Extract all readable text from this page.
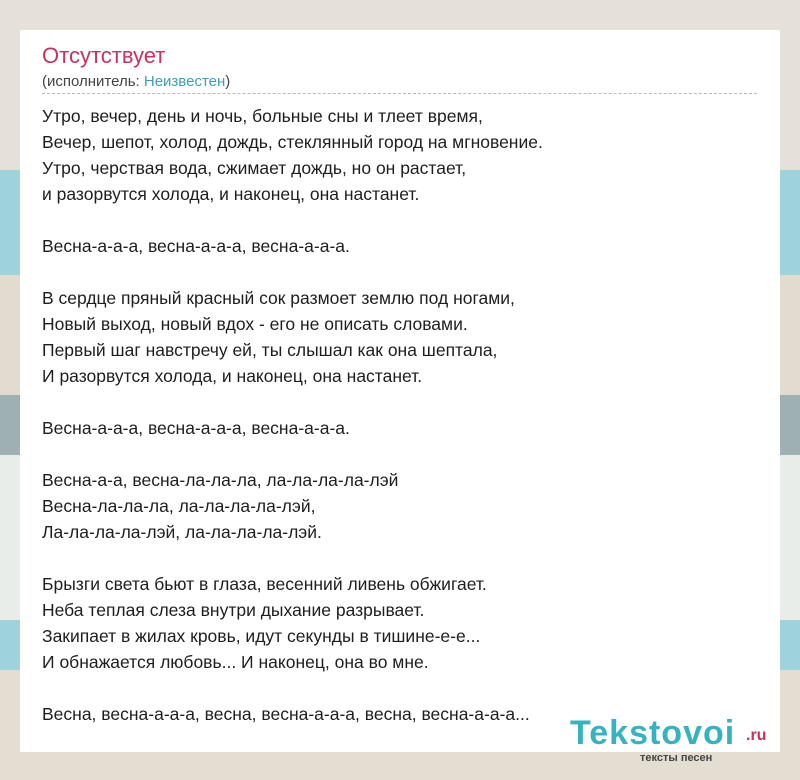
Отсутствует
(исполнитель: Неизвестен)
Утро, вечер, день и ночь, больные сны и тлеет время,
Вечер, шепот, холод, дождь, стеклянный город на мгновение.
Утро, черствая вода, сжимает дождь, но он растает,
и разорвутся холода, и наконец, она настанет.
Весна-а-а-а, весна-а-а-а, весна-а-а-а.
В сердце пряный красный сок размоет землю под ногами,
Новый выход, новый вдох - его не описать словами.
Первый шаг навстречу ей, ты слышал как она шептала,
И разорвутся холода, и наконец, она настанет.
Весна-а-а-а, весна-а-а-а, весна-а-а-а.
Весна-а-а, весна-ла-ла-ла, ла-ла-ла-ла-лэй
Весна-ла-ла-ла, ла-ла-ла-ла-лэй,
Ла-ла-ла-ла-лэй, ла-ла-ла-ла-лэй.
Брызги света бьют в глаза, весенний ливень обжигает.
Неба теплая слеза внутри дыхание разрывает.
Закипает в жилах кровь, идут секунды в тишине-е-е...
И обнажается любовь... И наконец, она во мне.
Весна, весна-а-а-а, весна, весна-а-а-а, весна, весна-а-а-а...	Tekstovoi .ru
тексты песен
